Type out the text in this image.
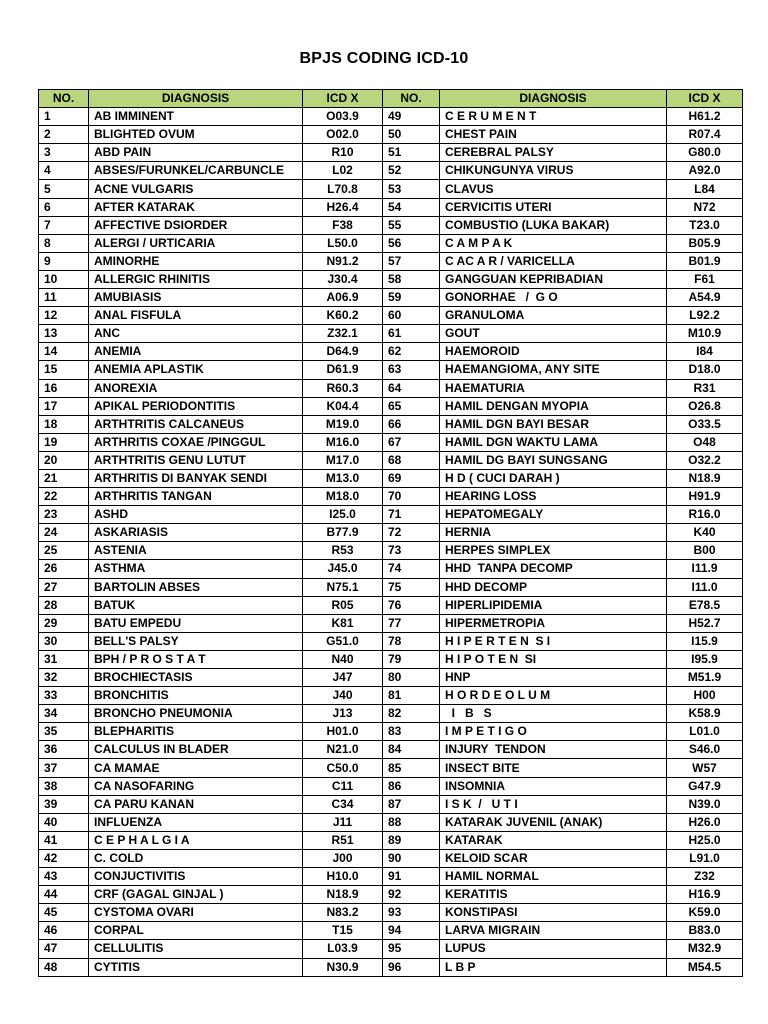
BPJS CODING ICD-10
NO.	DIAGNOSIS	ICD X	NO.	DIAGNOSIS	ICD X
1	AB IMMINENT	O03.9	49	C E R U M E N T	H61.2
2	BLIGHTED OVUM	O02.0	50	CHEST PAIN	R07.4
3	ABD PAIN	R10	51	CEREBRAL PALSY	G80.0
4	ABSES/FURUNKEL/CARBUNCLE	L02	52	CHIKUNGUNYA VIRUS	A92.0
5	ACNE VULGARIS	L70.8	53	CLAVUS	L84
6	AFTER KATARAK	H26.4	54	CERVICITIS UTERI	N72
7	AFFECTIVE DSIORDER	F38	55	COMBUSTIO (LUKA BAKAR)	T23.0
8	ALERGI / URTICARIA	L50.0	56	C A M P A K	B05.9
9	AMINORHE	N91.2	57	C AC A R / VARICELLA	B01.9
10	ALLERGIC RHINITIS	J30.4	58	GANGGUAN KEPRIBADIAN	F61
11	AMUBIASIS	A06.9	59	GONORHAE   /  G O	A54.9
12	ANAL FISFULA	K60.2	60	GRANULOMA	L92.2
13	ANC	Z32.1	61	GOUT	M10.9
14	ANEMIA	D64.9	62	HAEMOROID	I84
15	ANEMIA APLASTIK	D61.9	63	HAEMANGIOMA, ANY SITE	D18.0
16	ANOREXIA	R60.3	64	HAEMATURIA	R31
17	APIKAL PERIODONTITIS	K04.4	65	HAMIL DENGAN MYOPIA	O26.8
18	ARTHTRITIS CALCANEUS	M19.0	66	HAMIL DGN BAYI BESAR	O33.5
19	ARTHRITIS COXAE /PINGGUL	M16.0	67	HAMIL DGN WAKTU LAMA	O48
20	ARTHTRITIS GENU LUTUT	M17.0	68	HAMIL DG BAYI SUNGSANG	O32.2
21	ARTHRITIS DI BANYAK SENDI	M13.0	69	H D ( CUCI DARAH )	N18.9
22	ARTHRITIS TANGAN	M18.0	70	HEARING LOSS	H91.9
23	ASHD	I25.0	71	HEPATOMEGALY	R16.0
24	ASKARIASIS	B77.9	72	HERNIA	K40
25	ASTENIA	R53	73	HERPES SIMPLEX	B00
26	ASTHMA	J45.0	74	HHD  TANPA DECOMP	I11.9
27	BARTOLIN ABSES	N75.1	75	HHD DECOMP	I11.0
28	BATUK	R05	76	HIPERLIPIDEMIA	E78.5
29	BATU EMPEDU	K81	77	HIPERMETROPIA	H52.7
30	BELL'S PALSY	G51.0	78	H I P E R T E N  S I	I15.9
31	BPH / P R O S T A T	N40	79	H I P O T E N  SI	I95.9
32	BROCHIECTASIS	J47	80	HNP	M51.9
33	BRONCHITIS	J40	81	H O R D E O L U M	H00
34	BRONCHO PNEUMONIA	J13	82	I   B   S	K58.9
35	BLEPHARITIS	H01.0	83	I M P E T I G O	L01.0
36	CALCULUS IN BLADER	N21.0	84	INJURY  TENDON	S46.0
37	CA MAMAE	C50.0	85	INSECT BITE	W57
38	CA NASOFARING	C11	86	INSOMNIA	G47.9
39	CA PARU KANAN	C34	87	I S K  /   U T I	N39.0
40	INFLUENZA	J11	88	KATARAK JUVENIL (ANAK)	H26.0
41	C E P H A L G I A	R51	89	KATARAK	H25.0
42	C. COLD	J00	90	KELOID SCAR	L91.0
43	CONJUCTIVITIS	H10.0	91	HAMIL NORMAL	Z32
44	CRF (GAGAL GINJAL )	N18.9	92	KERATITIS	H16.9
45	CYSTOMA OVARI	N83.2	93	KONSTIPASI	K59.0
46	CORPAL	T15	94	LARVA MIGRAIN	B83.0
47	CELLULITIS	L03.9	95	LUPUS	M32.9
48	CYTITIS	N30.9	96	L B P	M54.5
